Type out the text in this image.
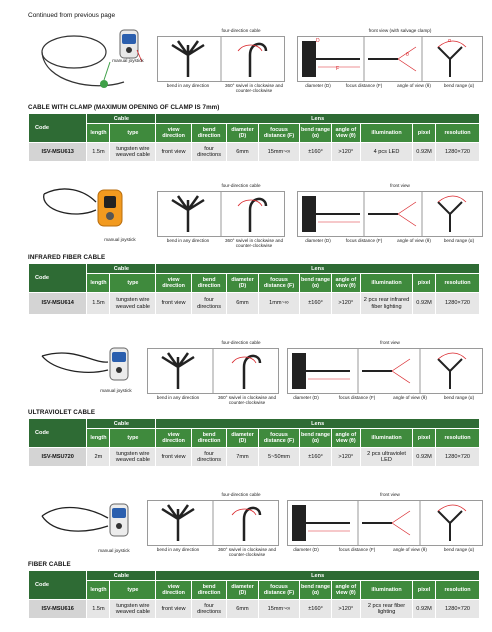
Continued from previous page
manual joystick
four-direction cable	front view (with salvage clamp)
D
F
θ
α
bend in any direction	360° swivel in clockwise and counter-clockwise
diameter (D)	focus distance (F)	angle of view (θ)	bend range (α)
CABLE WITH CLAMP (MAXIMUM OPENING OF CLAMP IS 7mm)
Code	Cable		Lens								
	length	type	view direction	bend direction	diameter (D)	focuus distance (F)	bend range (α)	angle of view (θ)	illumination	pixel	resolution
ISV-MSU613	1.5m	tungsten wire weaved cable	front view	four directions	6mm	15mm~∞	±160°	>120°	4 pcs LED	0.92M	1280×720
manual joystick
four-direction cable	front view
bend in any direction	360° swivel in clockwise and counter-clockwise
diameter (D)	focus distance (F)	angle of view (θ)	bend range (α)
INFRARED FIBER CABLE
Code	Cable		Lens								
	length	type	view direction	bend direction	diameter (D)	focuus distance (F)	bend range (α)	angle of view (θ)	illumination	pixel	resolution
ISV-MSU614	1.5m	tungsten wire weaved cable	front view	four directions	6mm	1mm~∞	±160°	>120°	2 pcs rear infrared fiber lighting	0.92M	1280×720
manual joystick
four-direction cable	front view
bend in any direction	360° swivel in clockwise and counter-clockwise
diameter (D)	focus distance (F)	angle of view (θ)	bend range (α)
ULTRAVIOLET CABLE
Code	Cable		Lens								
	length	type	view direction	bend direction	diameter (D)	focuus distance (F)	bend range (α)	angle of view (θ)	illumination	pixel	resolution
ISV-MSU720	2m	tungsten wire weaved cable	front view	four directions	7mm	5~50mm	±160°	>120°	2 pcs ultraviolet LED	0.92M	1280×720
manual joystick
four-direction cable	front view
bend in any direction	360° swivel in clockwise and counter-clockwise
diameter (D)	focus distance (F)	angle of view (θ)	bend range (α)
FIBER CABLE
Code	Cable		Lens								
	length	type	view direction	bend direction	diameter (D)	focuus distance (F)	bend range (α)	angle of view (θ)	illumination	pixel	resolution
ISV-MSU616	1.5m	tungsten wire weaved cable	front view	four directions	6mm	15mm~∞	±160°	>120°	2 pcs rear fiber lighting	0.92M	1280×720
